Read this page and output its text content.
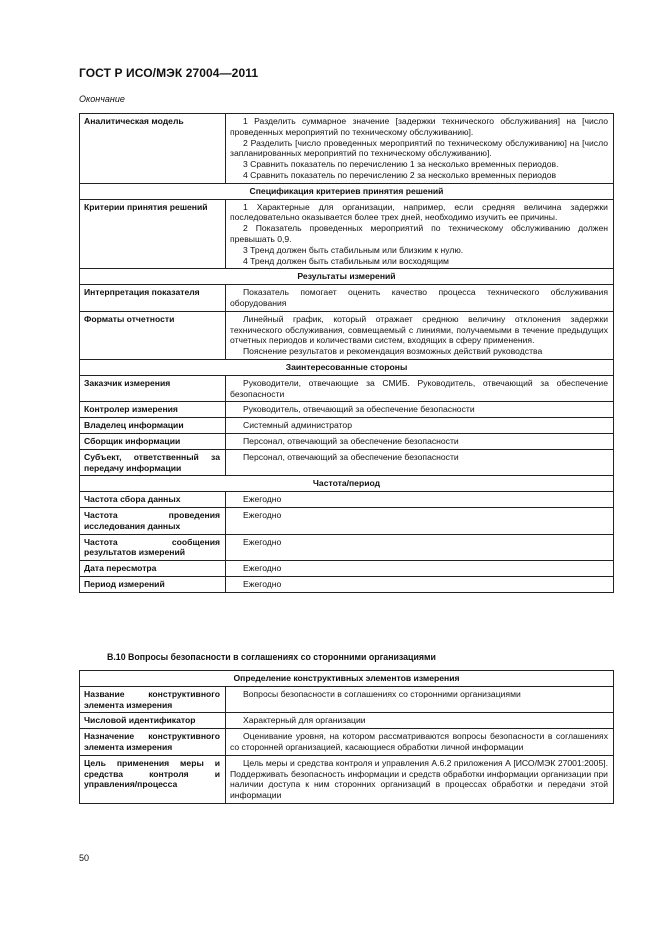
ГОСТ Р ИСО/МЭК 27004—2011
Окончание
Аналитическая модель	1 Разделить суммарное значение [задержки технического обслуживания] на [число проведенных мероприятий по техническому обслуживанию].

2 Разделить [число проведенных мероприятий по техническому обслуживанию] на [число запланированных мероприятий по техническому обслуживанию].

3 Сравнить показатель по перечислению 1 за несколько временных периодов.

4 Сравнить показатель по перечислению 2 за несколько временных периодов

Спецификация критериев принятия решений	
Критерии принятия решений	1 Характерные для организации, например, если средняя величина задержки последовательно оказывается более трех дней, необходимо изучить ее причины.

2 Показатель проведенных мероприятий по техническому обслуживанию должен превышать 0,9.

3 Тренд должен быть стабильным или близким к нулю.

4 Тренд должен быть стабильным или восходящим

Результаты измерений	
Интерпретация показателя	Показатель помогает оценить качество процесса технического обслуживания оборудования

Форматы отчетности	Линейный график, который отражает среднюю величину отклонения задержки технического обслуживания, совмещаемый с линиями, получаемыми в течение предыдущих отчетных периодов и количествами систем, входящих в сферу применения.

Пояснение результатов и рекомендация возможных действий руководства

Заинтересованные стороны	
Заказчик измерения	Руководители, отвечающие за СМИБ. Руководитель, отвечающий за обеспечение безопасности

Контролер измерения	Руководитель, отвечающий за обеспечение безопасности

Владелец информации	Системный администратор

Сборщик информации	Персонал, отвечающий за обеспечение безопасности

Субъект, ответственный за передачу информации	Персонал, отвечающий за обеспечение безопасности

Частота/период	
Частота сбора данных	Ежегодно

Частота проведения исследования данных	Ежегодно

Частота сообщения результатов измерений	Ежегодно

Дата пересмотра	Ежегодно

Период измерений	Ежегодно

B.10 Вопросы безопасности в соглашениях со сторонними организациями
Определение конструктивных элементов измерения	
Название конструктивного элемента измерения	Вопросы безопасности в соглашениях со сторонними организациями

Числовой идентификатор	Характерный для организации

Назначение конструктивного элемента измерения	Оценивание уровня, на котором рассматриваются вопросы безопасности в соглашениях со сторонней организацией, касающиеся обработки личной информации

Цель применения меры и средства контроля и управления/процесса	Цель меры и средства контроля и управления А.6.2 приложения А [ИСО/МЭК 27001:2005]. Поддерживать безопасность информации и средств обработки информации организации при наличии доступа к ним сторонних организаций в процессах обработки и передачи этой информации

50
